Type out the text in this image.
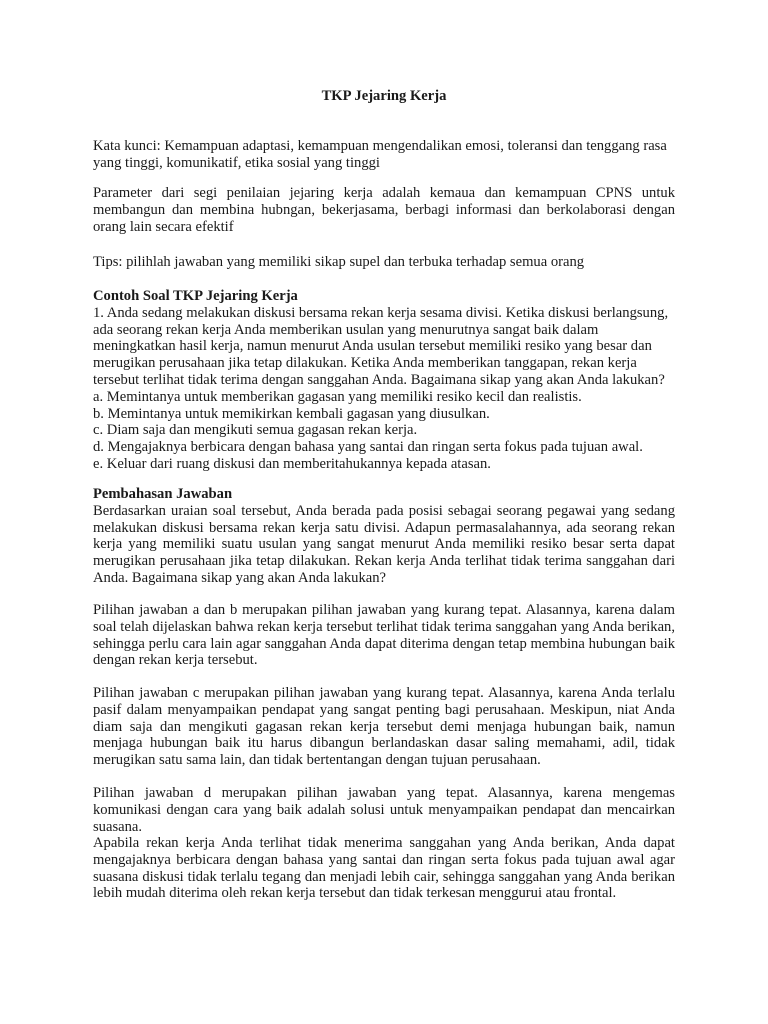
TKP Jejaring Kerja

Kata kunci: Kemampuan adaptasi, kemampuan mengendalikan emosi, toleransi dan tenggang rasa yang tinggi, komunikatif, etika sosial yang tinggi

Parameter dari segi penilaian jejaring kerja adalah kemaua dan kemampuan CPNS untuk membangun dan membina hubngan, bekerjasama, berbagi informasi dan berkolaborasi dengan orang lain secara efektif

Tips: pilihlah jawaban yang memiliki sikap supel dan terbuka terhadap semua orang

Contoh Soal TKP Jejaring Kerja

1. Anda sedang melakukan diskusi bersama rekan kerja sesama divisi. Ketika diskusi berlangsung, ada seorang rekan kerja Anda memberikan usulan yang menurutnya sangat baik dalam meningkatkan hasil kerja, namun menurut Anda usulan tersebut memiliki resiko yang besar dan merugikan perusahaan jika tetap dilakukan. Ketika Anda memberikan tanggapan, rekan kerja tersebut terlihat tidak terima dengan sanggahan Anda. Bagaimana sikap yang akan Anda lakukan?

a. Memintanya untuk memberikan gagasan yang memiliki resiko kecil dan realistis.

b. Memintanya untuk memikirkan kembali gagasan yang diusulkan.

c. Diam saja dan mengikuti semua gagasan rekan kerja.

d. Mengajaknya berbicara dengan bahasa yang santai dan ringan serta fokus pada tujuan awal.

e. Keluar dari ruang diskusi dan memberitahukannya kepada atasan.

Pembahasan Jawaban

Berdasarkan uraian soal tersebut, Anda berada pada posisi sebagai seorang pegawai yang sedang melakukan diskusi bersama rekan kerja satu divisi. Adapun permasalahannya, ada seorang rekan kerja yang memiliki suatu usulan yang sangat menurut Anda memiliki resiko besar serta dapat merugikan perusahaan jika tetap dilakukan. Rekan kerja Anda terlihat tidak terima sanggahan dari Anda. Bagaimana sikap yang akan Anda lakukan?

Pilihan jawaban a dan b merupakan pilihan jawaban yang kurang tepat. Alasannya, karena dalam soal telah dijelaskan bahwa rekan kerja tersebut terlihat tidak terima sanggahan yang Anda berikan, sehingga perlu cara lain agar sanggahan Anda dapat diterima dengan tetap membina hubungan baik dengan rekan kerja tersebut.

Pilihan jawaban c merupakan pilihan jawaban yang kurang tepat. Alasannya, karena Anda terlalu pasif dalam menyampaikan pendapat yang sangat penting bagi perusahaan. Meskipun, niat Anda diam saja dan mengikuti gagasan rekan kerja tersebut demi menjaga hubungan baik, namun menjaga hubungan baik itu harus dibangun berlandaskan dasar saling memahami, adil, tidak merugikan satu sama lain, dan tidak bertentangan dengan tujuan perusahaan.

Pilihan jawaban d merupakan pilihan jawaban yang tepat. Alasannya, karena mengemas komunikasi dengan cara yang baik adalah solusi untuk menyampaikan pendapat dan mencairkan suasana.

Apabila rekan kerja Anda terlihat tidak menerima sanggahan yang Anda berikan, Anda dapat mengajaknya berbicara dengan bahasa yang santai dan ringan serta fokus pada tujuan awal agar suasana diskusi tidak terlalu tegang dan menjadi lebih cair, sehingga sanggahan yang Anda berikan lebih mudah diterima oleh rekan kerja tersebut dan tidak terkesan menggurui atau frontal.
